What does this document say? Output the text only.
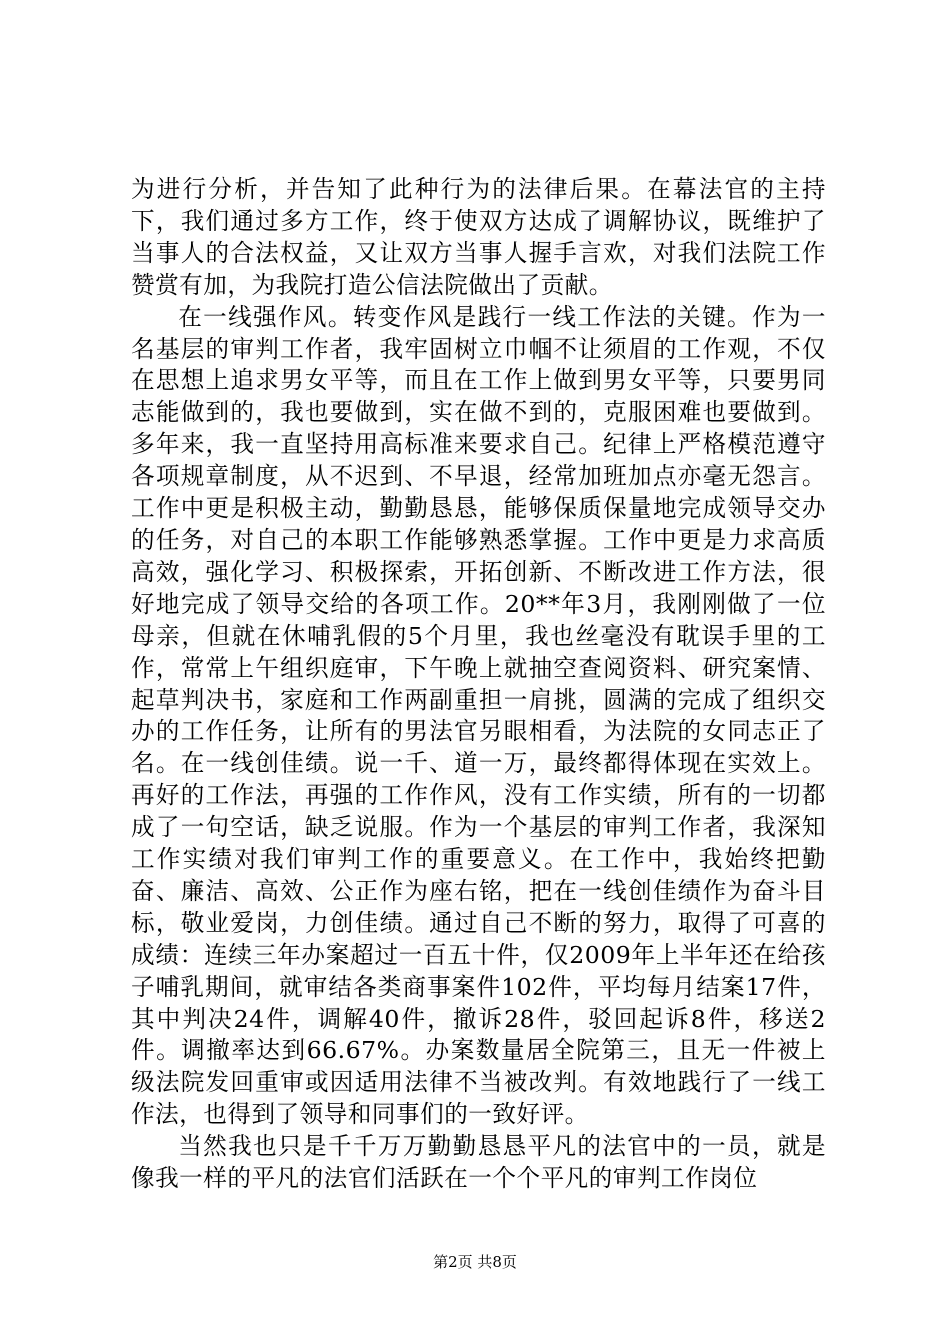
为进行分析，并告知了此种行为的法律后果。在幕法官的主持下，我们通过多方工作，终于使双方达成了调解协议，既维护了当事人的合法权益，又让双方当事人握手言欢，对我们法院工作赞赏有加，为我院打造公信法院做出了贡献。

在一线强作风。转变作风是践行一线工作法的关键。作为一名基层的审判工作者，我牢固树立巾帼不让须眉的工作观，不仅在思想上追求男女平等，而且在工作上做到男女平等，只要男同志能做到的，我也要做到，实在做不到的，克服困难也要做到。多年来，我一直坚持用高标准来要求自己。纪律上严格模范遵守各项规章制度，从不迟到、不早退，经常加班加点亦毫无怨言。工作中更是积极主动，勤勤恳恳，能够保质保量地完成领导交办的任务，对自己的本职工作能够熟悉掌握。工作中更是力求高质高效，强化学习、积极探索，开拓创新、不断改进工作方法，很好地完成了领导交给的各项工作。20**年3月，我刚刚做了一位母亲，但就在休哺乳假的5个月里，我也丝毫没有耽误手里的工作，常常上午组织庭审，下午晚上就抽空查阅资料、研究案情、起草判决书，家庭和工作两副重担一肩挑，圆满的完成了组织交办的工作任务，让所有的男法官另眼相看，为法院的女同志正了名。在一线创佳绩。说一千、道一万，最终都得体现在实效上。再好的工作法，再强的工作作风，没有工作实绩，所有的一切都成了一句空话，缺乏说服。作为一个基层的审判工作者，我深知工作实绩对我们审判工作的重要意义。在工作中，我始终把勤奋、廉洁、高效、公正作为座右铭，把在一线创佳绩作为奋斗目标，敬业爱岗，力创佳绩。通过自己不断的努力，取得了可喜的成绩：连续三年办案超过一百五十件，仅2009年上半年还在给孩子哺乳期间，就审结各类商事案件102件，平均每月结案17件，其中判决24件，调解40件，撤诉28件，驳回起诉8件，移送2件。调撤率达到66.67%。办案数量居全院第三，且无一件被上级法院发回重审或因适用法律不当被改判。有效地践行了一线工作法，也得到了领导和同事们的一致好评。

当然我也只是千千万万勤勤恳恳平凡的法官中的一员，就是像我一样的平凡的法官们活跃在一个个平凡的审判工作岗位

第2页 共8页
